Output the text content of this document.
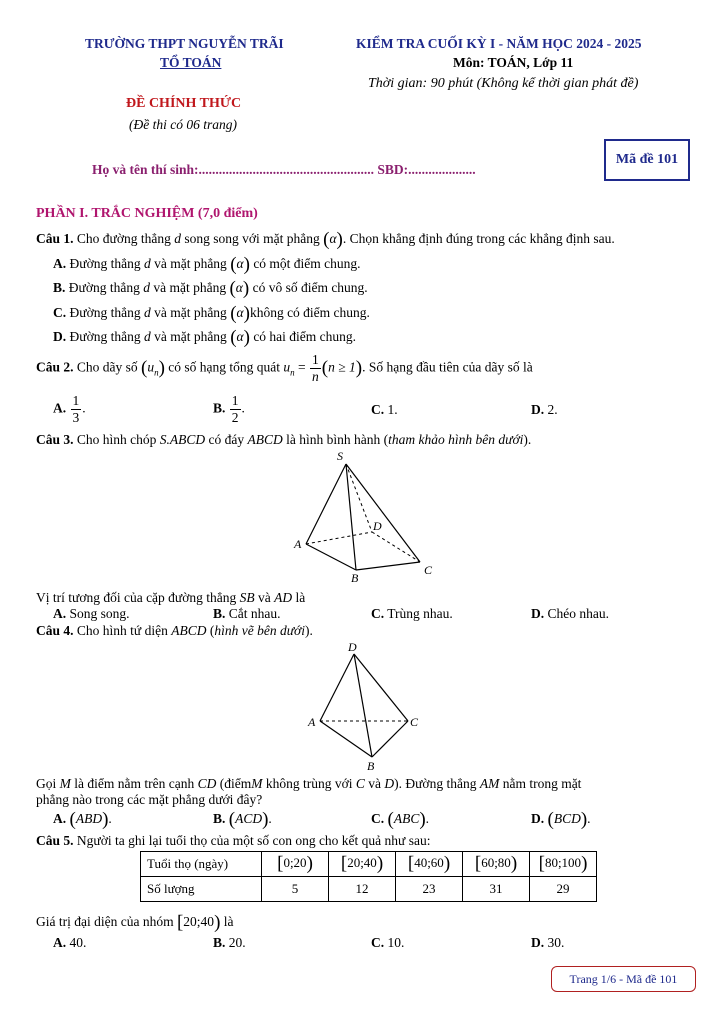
TRƯỜNG THPT NGUYỄN TRÃI
TỔ TOÁN
KIỂM TRA CUỐI KỲ I - NĂM HỌC 2024 - 2025
Môn: TOÁN, Lớp 11
Thời gian: 90 phút (Không kể thời gian phát đề)
ĐỀ CHÍNH THỨC
(Đề thi có 06 trang)
Họ và tên thí sinh:.................................................... SBD:....................
Mã đề 101
PHẦN I. TRẮC NGHIỆM (7,0 điểm)
Câu 1. Cho đường thẳng d song song với mặt phẳng (α). Chọn khẳng định đúng trong các khẳng định sau.
A. Đường thẳng d và mặt phẳng (α) có một điểm chung.
B. Đường thẳng d và mặt phẳng (α) có vô số điểm chung.
C. Đường thẳng d và mặt phẳng (α)không có điểm chung.
D. Đường thẳng d và mặt phẳng (α) có hai điểm chung.
Câu 2. Cho dãy số $(u_n)$ có số hạng tổng quát $u_n = \frac{1}{n} (n \ge 1)$. Số hạng đầu tiên của dãy số là
A. $\frac{1}{3}$ .	B. $\frac{1}{2}$ .	C. 1.	D. 2.
Câu 3. Cho hình chóp S.ABCD có đáy ABCD là hình bình hành (tham khảo hình bên dưới).
S
A
B
C
D
Vị trí tương đối của cặp đường thẳng SB và AD là
A. Song song.	B. Cắt nhau.	C. Trùng nhau.	D. Chéo nhau.
Câu 4. Cho hình tứ diện ABCD (hình vẽ bên dưới).
D
A	C
B
Gọi M là điểm nằm trên cạnh CD (điểmM không trùng với C và D). Đường thẳng AM nằm trong mặt
phẳng nào trong các mặt phẳng dưới đây?
A. (ABD).	B. (ACD).	C. (ABC).	D. (BCD).
Câu 5. Người ta ghi lại tuổi thọ của một số con ong cho kết quả như sau:
Tuổi thọ (ngày)	[0;20)	[20;40)	[40;60)	[60;80)	[80;100)
Số lượng	5	12	23	31	29
Giá trị đại diện của nhóm [20;40) là
A. 40.	B. 20.	C. 10.	D. 30.
Trang 1/6 - Mã đề 101
